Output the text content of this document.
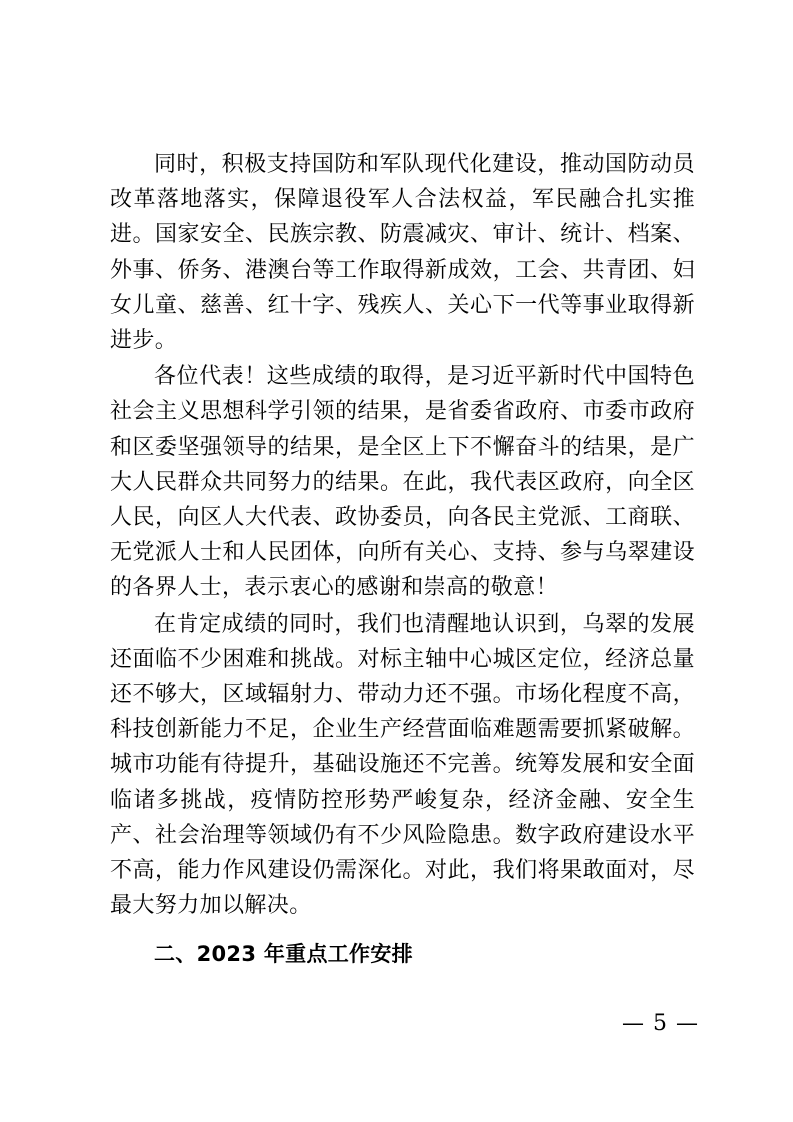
同时，积极支持国防和军队现代化建设，推动国防动员改革落地落实，保障退役军人合法权益，军民融合扎实推进。国家安全、民族宗教、防震减灾、审计、统计、档案、外事、侨务、港澳台等工作取得新成效，工会、共青团、妇女儿童、慈善、红十字、残疾人、关心下一代等事业取得新进步。

各位代表！这些成绩的取得，是习近平新时代中国特色社会主义思想科学引领的结果，是省委省政府、市委市政府和区委坚强领导的结果，是全区上下不懈奋斗的结果，是广大人民群众共同努力的结果。在此，我代表区政府，向全区人民，向区人大代表、政协委员，向各民主党派、工商联、无党派人士和人民团体，向所有关心、支持、参与乌翠建设的各界人士，表示衷心的感谢和崇高的敬意！

在肯定成绩的同时，我们也清醒地认识到，乌翠的发展还面临不少困难和挑战。对标主轴中心城区定位，经济总量还不够大，区域辐射力、带动力还不强。市场化程度不高，科技创新能力不足，企业生产经营面临难题需要抓紧破解。城市功能有待提升，基础设施还不完善。统筹发展和安全面临诸多挑战，疫情防控形势严峻复杂，经济金融、安全生产、社会治理等领域仍有不少风险隐患。数字政府建设水平不高，能力作风建设仍需深化。对此，我们将果敢面对，尽最大努力加以解决。

二、2023 年重点工作安排
— 5 —
